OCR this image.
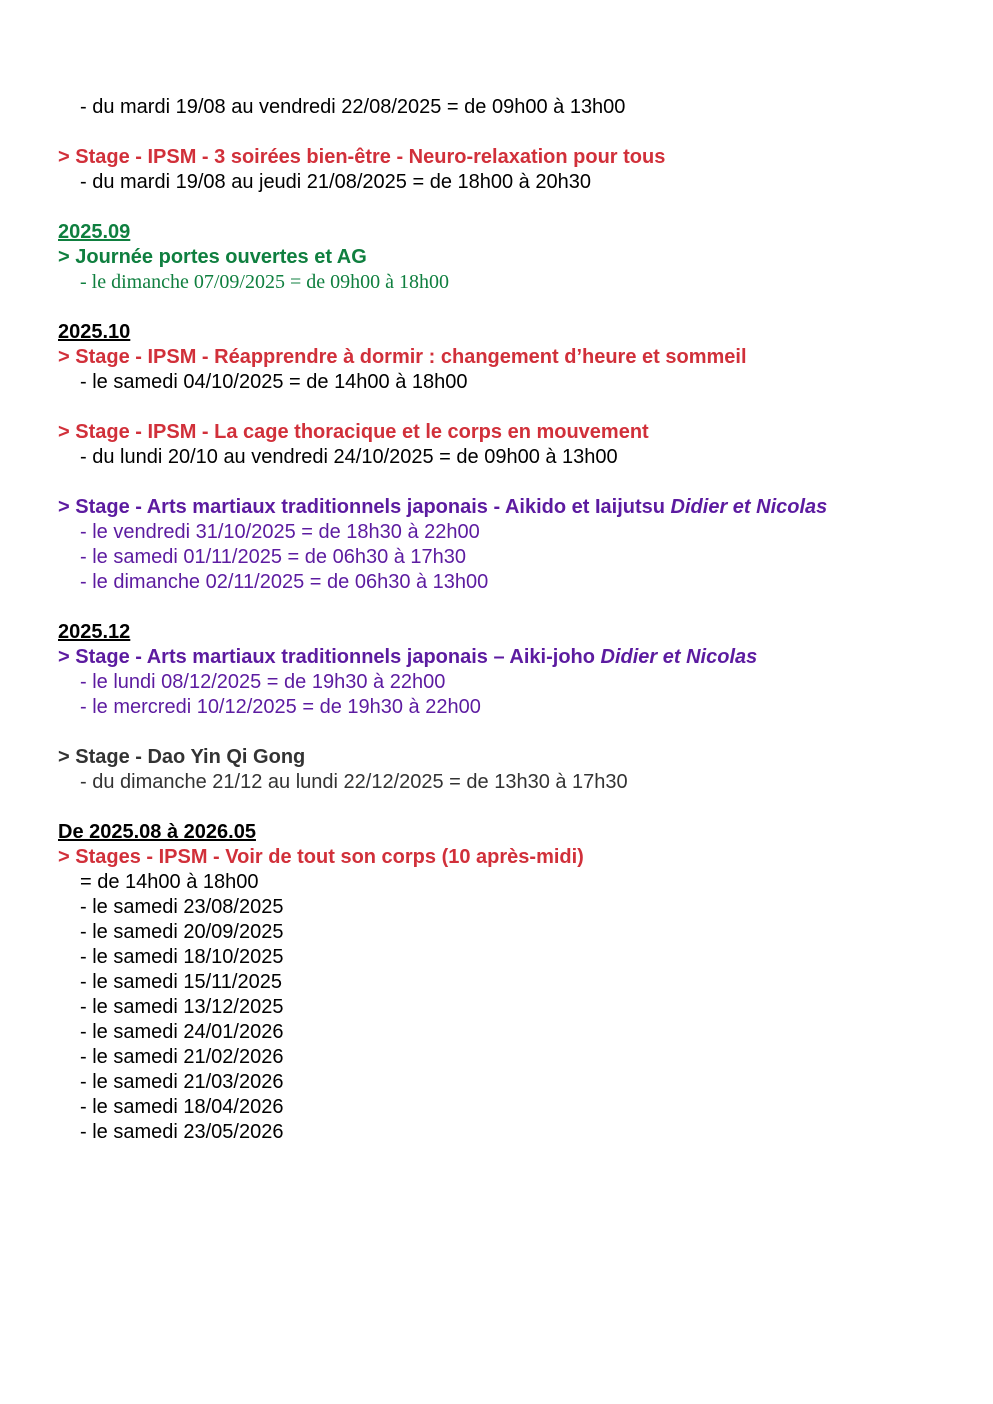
- du mardi 19/08 au vendredi 22/08/2025 = de 09h00 à 13h00
> Stage - IPSM - 3 soirées bien-être - Neuro-relaxation pour tous
- du mardi 19/08 au jeudi 21/08/2025 = de 18h00 à 20h30
2025.09
> Journée portes ouvertes et AG
- le dimanche 07/09/2025 = de 09h00 à 18h00
2025.10
> Stage - IPSM - Réapprendre à dormir : changement d’heure et sommeil
- le samedi 04/10/2025 = de 14h00 à 18h00
> Stage - IPSM - La cage thoracique et le corps en mouvement
- du lundi 20/10 au vendredi 24/10/2025 = de 09h00 à 13h00
> Stage - Arts martiaux traditionnels japonais - Aikido et Iaijutsu Didier et Nicolas
- le vendredi 31/10/2025 = de 18h30 à 22h00
- le samedi 01/11/2025 = de 06h30 à 17h30
- le dimanche 02/11/2025 = de 06h30 à 13h00
2025.12
> Stage - Arts martiaux traditionnels japonais – Aiki-joho Didier et Nicolas
- le lundi 08/12/2025 = de 19h30 à 22h00
- le mercredi 10/12/2025 = de 19h30 à 22h00
> Stage - Dao Yin Qi Gong
- du dimanche 21/12 au lundi 22/12/2025 = de 13h30 à 17h30
De 2025.08 à 2026.05
> Stages - IPSM - Voir de tout son corps (10 après-midi)
= de 14h00 à 18h00
- le samedi 23/08/2025
- le samedi 20/09/2025
- le samedi 18/10/2025
- le samedi 15/11/2025
- le samedi 13/12/2025
- le samedi 24/01/2026
- le samedi 21/02/2026
- le samedi 21/03/2026
- le samedi 18/04/2026
- le samedi 23/05/2026
